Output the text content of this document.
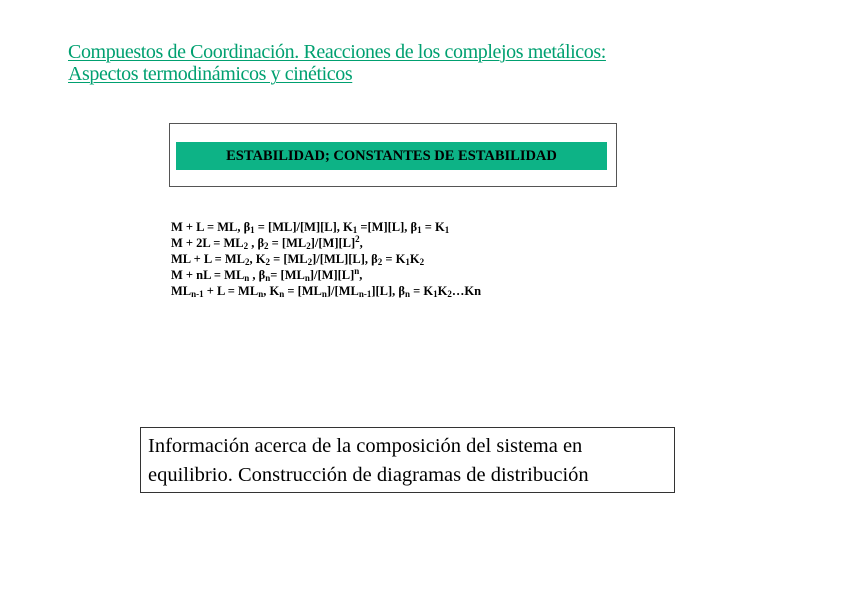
Compuestos de Coordinación. Reacciones de los complejos metálicos:
Aspectos termodinámicos y cinéticos
ESTABILIDAD; CONSTANTES DE ESTABILIDAD
M + L = ML, $\beta_1 = [ML]/[M][L]$, $K_1 =[M][L]$, $\beta_1 = K_1$
$M + 2L = ML_2$ , $\beta_2 = [ML_2]/[M][L]^2$,
ML + $L = ML_2$, $K_2 = [ML_2]/[ML][L]$, $\beta_2 = K_1K_2$
M + nL = $ML_n$ , $\beta_n= [ML_n]/[M][L]^n$,
$ML_{n-1} + L = ML_n$, $K_n = [ML_n]/[ML_{n-1}][L]$, $\beta_n$ = $K_1K_2\dots Kn$
Información acerca de la composición del sistema en
equilibrio. Construcción de diagramas de distribución
